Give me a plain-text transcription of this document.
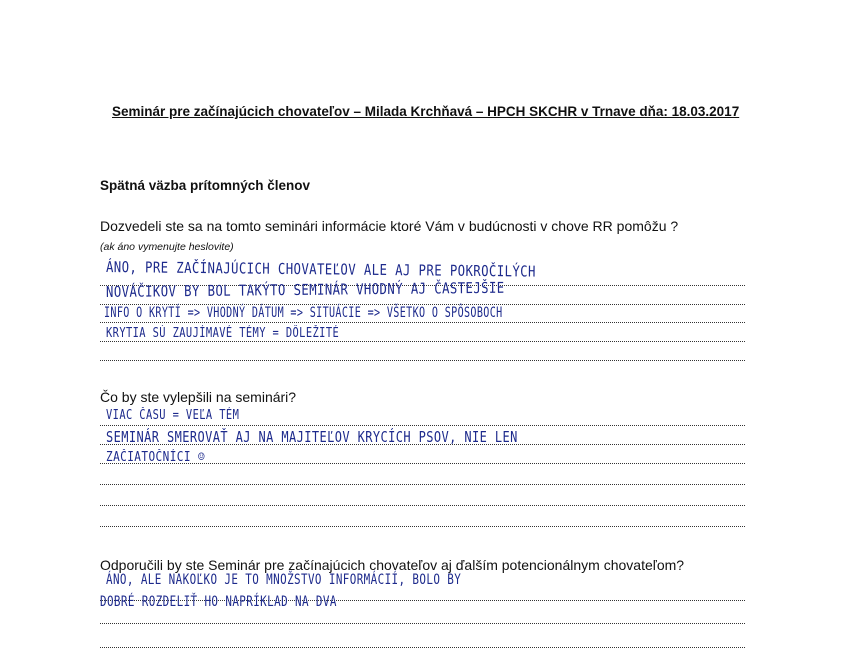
Seminár pre začínajúcich chovateľov – Milada Krchňavá – HPCH SKCHR v Trnave dňa: 18.03.2017
Spätná väzba prítomných členov
Dozvedeli ste sa na tomto seminári informácie ktoré Vám v budúcnosti v chove RR pomôžu ?
(ak áno vymenujte heslovite)
ÁNO, PRE ZAČÍNAJÚCICH CHOVATEĽOV ALE AJ PRE POKROČILÝCH
NOVÁČIKOV BY BOL TAKÝTO SEMINÁR VHODNÝ AJ ČASTEJŠIE
INFO O KRYTÍ => VHODNÝ DÁTUM => SITUÁCIE => VŠETKO O SPÔSOBOCH
KRYTIA SÚ ZAUJÍMAVÉ TÉMY = DÔLEŽITÉ
Čo by ste vylepšili na seminári?
VIAC ČASU = VEĽA TÉM
SEMINÁR SMEROVAŤ AJ NA MAJITEĽOV KRYCÍCH PSOV, NIE LEN
ZAČIATOČNÍCI ☺
Odporučili by ste Seminár pre začínajúcich chovateľov aj ďalším potencionálnym chovateľom?
ÁNO, ALE NAKOĽKO JE TO MNOŽSTVO INFORMÁCIÍ, BOLO BY
DOBRÉ ROZDELIŤ HO NAPRÍKLAD NA DVA
